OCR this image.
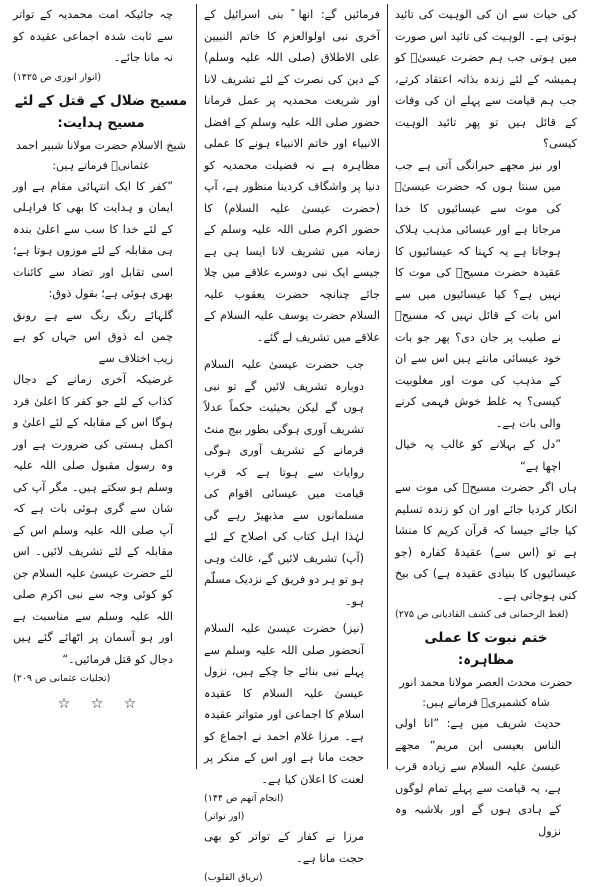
کی حیات سے ان کی الوہیت کی تائید ہوتی ہے۔ الوہیت کی تائید اس صورت میں ہوتی جب ہم حضرت عیسیٰؑ کو ہمیشہ کے لئے زندہ بذاتہ اعتقاد کرتے، جب ہم قیامت سے پہلے ان کی وفات کے قائل ہیں تو پھر تائید الوہیت کیسی؟

اور نیز مجھے حیرانگی آتی ہے جب میں سنتا ہوں کہ حضرت عیسیٰؑ کی موت سے عیسائیوں کا خدا مرجاتا ہے اور عیسائی مذہب ہلاک ہوجاتا ہے یہ کہنا کہ عیسائیوں کا عقیدہ حضرت مسیحؑ کی موت کا نہیں ہے؟ کیا عیسائیوں میں سے اس بات کے قائل نہیں کہ مسیحؑ نے صلیب پر جان دی؟ پھر جو بات خود عیسائی مانتے ہیں اس سے ان کے مذہب کی موت اور مغلوبیت کیسی؟ یہ غلط خوش فہمی کرنے والی بات ہے۔

”دل کے بہلانے کو غالب یہ خیال اچھا ہے“

ہاں اگر حضرت مسیحؑ کی موت سے انکار کردیا جائے اور ان کو زندہ تسلیم کیا جائے جیسا کہ قرآن کریم کا منشا ہے تو (اس سے) عقیدۂ کفارہ (جو عیسائیوں کا بنیادی عقیدہ ہے) کی بیخ کنی ہوجاتی ہے۔

(لغط الرحمانی فی کشف القادیانی ص ۲۷۵)

ختم نبوت کا عملی مظاہرہ:

حضرت محدث العصر مولانا محمد انور شاہ کشمیریؒ فرماتے ہیں:

حدیث شریف میں ہے: ”انا اولی الناس بعیسی ابن مریم“ مجھے عیسیٰ علیہ السلام سے زیادہ قرب ہے، یہ قیامت سے پہلے تمام لوگوں کے ہادی ہوں گے اور بلاشبہ وہ نزول

فرمائیں گے: انھا ً بنی اسرائیل کے آخری نبی اولوالعزم کا خاتم النبیین علی الاطلاق (صلی اللہ علیہ وسلم) کے دین کی نصرت کے لئے تشریف لانا اور شریعت محمدیہ پر عمل فرمانا حضور صلی اللہ علیہ وسلم کے افضل الانبیاء اور خاتم الانبیاء ہونے کا عملی مظاہرہ ہے نہ فضیلت محمدیہ کو دنیا پر واشگاف کردینا منظور ہے، آپ (حضرت عیسیٰ علیہ السلام) کا حضور اکرم صلی اللہ علیہ وسلم کے زمانہ میں تشریف لانا ایسا ہی ہے جیسے ایک نبی دوسرے علاقے میں چلا جائے چنانچہ حضرت یعقوب علیہ السلام حضرت یوسف علیہ السلام کے علاقے میں تشریف لے گئے۔

جب حضرت عیسیٰ علیہ السلام دوبارہ تشریف لائیں گے تو نبی ہوں گے لیکن بحیثیت حکماً عدلاً تشریف آوری ہوگی بطور بیج منٹ فرمانے کے تشریف آوری ہوگی روایات سے ہوتا ہے کہ قرب قیامت میں عیسائی اقوام کی مسلمانوں سے مذبھیڑ رہے گی لہٰذا اہل کتاب کی اصلاح کے لئے (آپ) تشریف لائیں گے، غالث وہی ہو تو ہر دو فریق کے نزدیک مسلّم ہو۔

(نیز) حضرت عیسیٰ علیہ السلام آنحضور صلی اللہ علیہ وسلم سے پہلے نبی بنائے جا چکے ہیں، نزول عیسیٰ علیہ السلام کا عقیدہ اسلام کا اجماعی اور متواتر عقیدہ ہے۔ مرزا غلام احمد نے اجماع کو حجت مانا ہے اور اس کے منکر پر لعنت کا اعلان کیا ہے۔

(انجام آتھم ص ۱۴۴)

(اور تواتر)

مرزا نے کفار کے تواتر کو بھی حجت مانا ہے۔

(تریاق القلوب)

چہ جائیکہ امت محمدیہ کے تواتر سے ثابت شدہ اجماعی عقیدہ کو نہ مانا جائے۔

(انوار انوری ص ۱۴۲۵)

مسیح ضلال کے قتل کے لئے مسیح ہدایت:

شیخ الاسلام حضرت مولانا شبیر احمد عثمانیؒ فرماتے ہیں:

”کفر کا ایک انتہائی مقام ہے اور ایمان و ہدایت کا بھی کا فراہلی کے لئے خدا کا سب سے اعلیٰ بندہ ہی مقابلہ کے لئے موزوں ہوتا ہے؛ اسی تقابل اور تضاد سے کائنات بھری ہوئی ہے؛ بقول ذوق:

گلہائے رنگ رنگ سے ہے رونق چمن اے ذوق اس جہاں کو ہے زیب اختلاف سے

غرضیکہ آخری زمانے کے دجال کذاب کے لئے جو کفر کا اعلیٰ فرد ہوگا اس کے مقابلہ کے لئے اعلیٰ و اکمل ہستی کی ضرورت ہے اور وہ رسول مقبول صلی اللہ علیہ وسلم ہو سکتے ہیں۔ مگر آپ کی شان سے گری ہوئی بات ہے کہ آپ صلی اللہ علیہ وسلم اس کے مقابلہ کے لئے تشریف لائیں۔ اس لئے حضرت عیسیٰ علیہ السلام جن کو کوئی وجہ سے نبی اکرم صلی اللہ علیہ وسلم سے مناسبت ہے اور ہو آسمان پر اٹھائے گئے ہیں دجال کو قتل فرمائیں۔“

(تجلیات عثمانی ص ۲۰۹)

☆ ☆ ☆
